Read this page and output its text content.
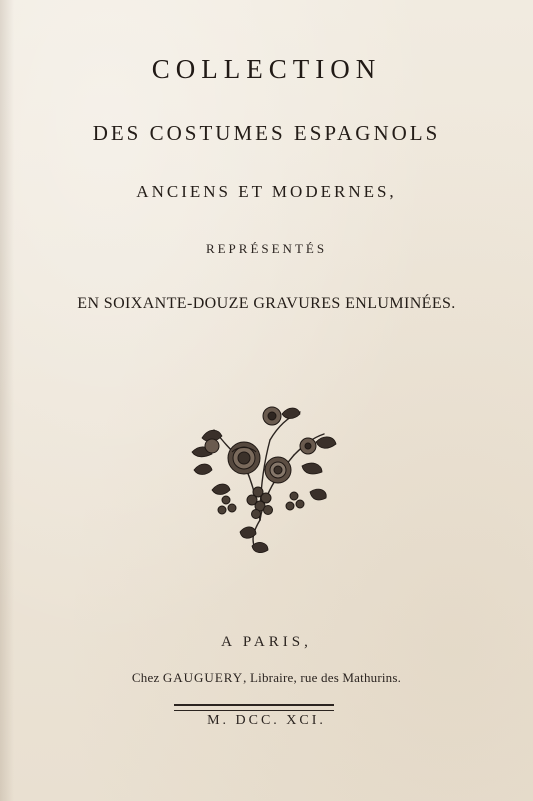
COLLECTION
DES COSTUMES ESPAGNOLS
ANCIENS ET MODERNES,
REPRÉSENTÉS
EN SOIXANTE-DOUZE GRAVURES ENLUMINÉES.
A PARIS,
Chez GAUGUERY, Libraire, rue des Mathurins.
M. DCC. XCI.
